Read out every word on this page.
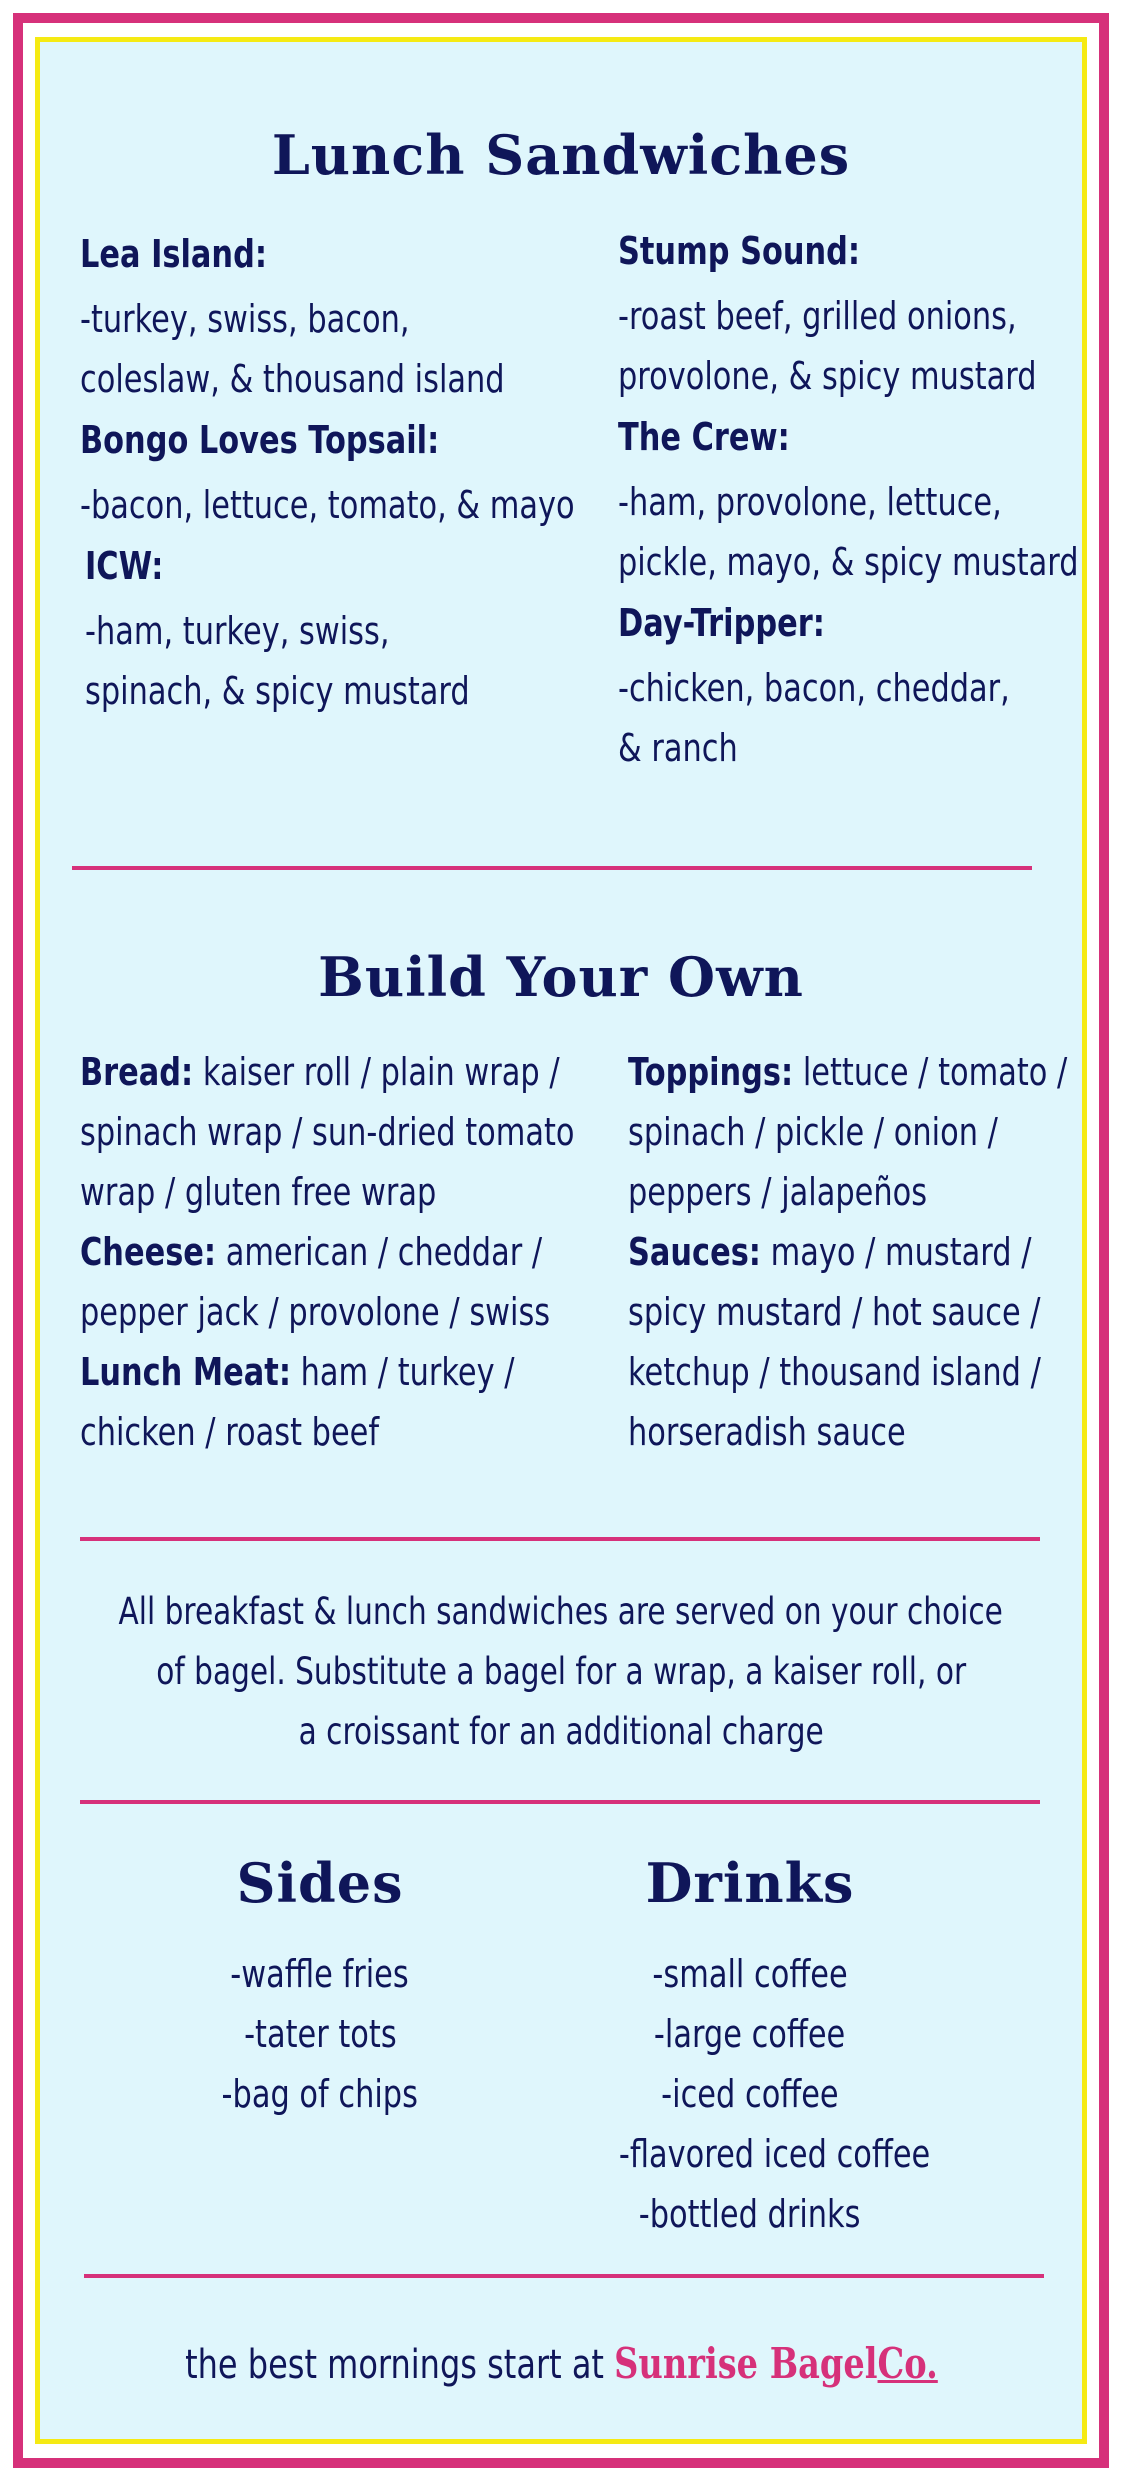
Lunch Sandwiches
Lea Island:
-turkey, swiss, bacon,
coleslaw, & thousand island
Bongo Loves Topsail:
-bacon, lettuce, tomato, & mayo
ICW:
-ham, turkey, swiss,
spinach, & spicy mustard
Stump Sound:
-roast beef, grilled onions,
provolone, & spicy mustard
The Crew:
-ham, provolone, lettuce,
pickle, mayo, & spicy mustard
Day-Tripper:
-chicken, bacon, cheddar,
& ranch
Build Your Own
Bread: kaiser roll / plain wrap /
spinach wrap / sun-dried tomato
wrap / gluten free wrap
Cheese: american / cheddar /
pepper jack / provolone / swiss
Lunch Meat: ham / turkey /
chicken / roast beef
Toppings: lettuce / tomato /
spinach / pickle / onion /
peppers / jalapeños
Sauces: mayo / mustard /
spicy mustard / hot sauce /
ketchup / thousand island /
horseradish sauce
All breakfast & lunch sandwiches are served on your choice
of bagel. Substitute a bagel for a wrap, a kaiser roll, or
a croissant for an additional charge
Sides
-waffle fries
-tater tots
-bag of chips
Drinks
-small coffee
-large coffee
-iced coffee
-flavored iced coffee
-bottled drinks
the best mornings start at Sunrise BagelCo.
